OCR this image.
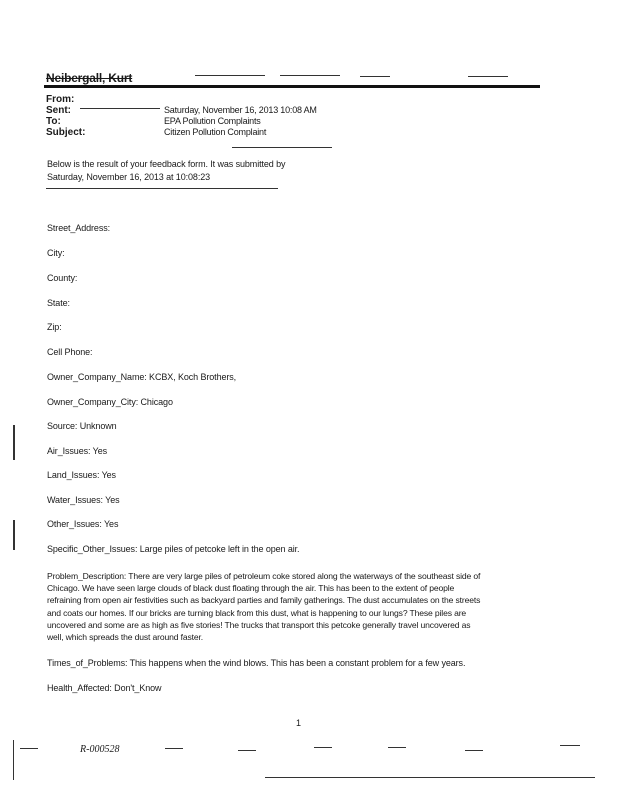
Neibergall, Kurt
From:
Sent:	Saturday, November 16, 2013 10:08 AM
To:	EPA Pollution Complaints
Subject:	Citizen Pollution Complaint
Below is the result of your feedback form. It was submitted by
Saturday, November 16, 2013 at 10:08:23
Street_Address:
City:
County:
State:
Zip:
Cell Phone:
Owner_Company_Name: KCBX, Koch Brothers,
Owner_Company_City: Chicago
Source: Unknown
Air_Issues: Yes
Land_Issues: Yes
Water_Issues: Yes
Other_Issues: Yes
Specific_Other_Issues: Large piles of petcoke left in the open air.
Problem_Description: There are very large piles of petroleum coke stored along the waterways of the southeast side of
Chicago. We have seen large clouds of black dust floating through the air. This has been to the extent of people
refraining from open air festivities such as backyard parties and family gatherings. The dust accumulates on the streets
and coats our homes. If our bricks are turning black from this dust, what is happening to our lungs? These piles are
uncovered and some are as high as five stories! The trucks that transport this petcoke generally travel uncovered as
well, which spreads the dust around faster.
Times_of_Problems: This happens when the wind blows. This has been a constant problem for a few years.
Health_Affected: Don't_Know
1
R-000528
